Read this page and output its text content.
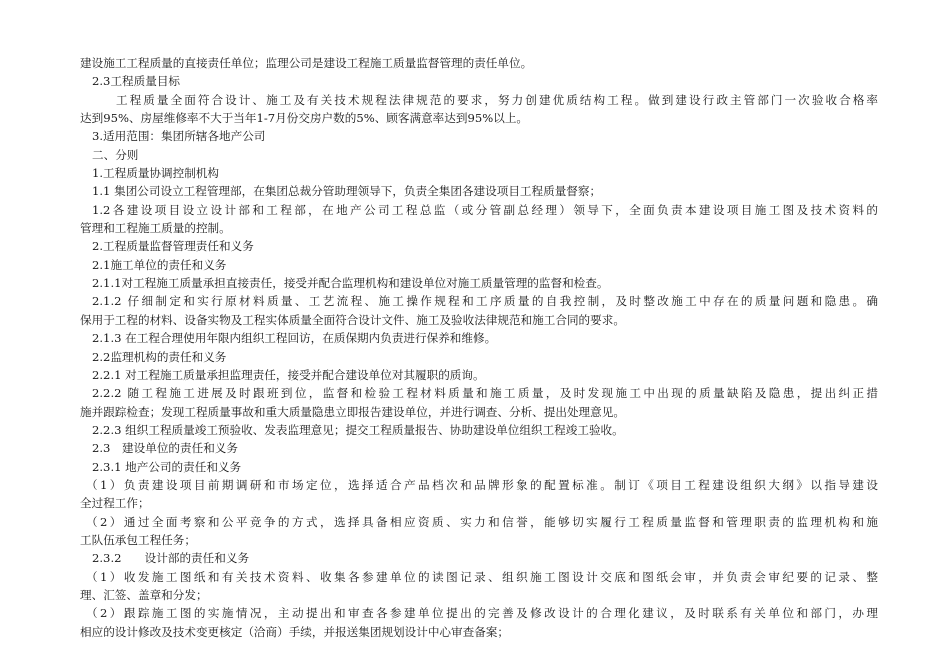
建设施工工程质量的直接责任单位；监理公司是建设工程施工质量监督管理的责任单位。

2.3工程质量目标

工程质量全面符合设计、施工及有关技术规程法律规范的要求，努力创建优质结构工程。做到建设行政主管部门一次验收合格率

达到95%、房屋维修率不大于当年1-7月份交房户数的5%、顾客满意率达到95%以上。

3.适用范围：集团所辖各地产公司

二、分则

1.工程质量协调控制机构

1.1 集团公司设立工程管理部，在集团总裁分管助理领导下，负责全集团各建设项目工程质量督察；

1.2各建设项目设立设计部和工程部，在地产公司工程总监（或分管副总经理）领导下，全面负责本建设项目施工图及技术资料的

管理和工程施工质量的控制。

2.工程质量监督管理责任和义务

2.1施工单位的责任和义务

2.1.1对工程施工质量承担直接责任，接受并配合监理机构和建设单位对施工质量管理的监督和检查。

2.1.2 仔细制定和实行原材料质量、工艺流程、施工操作规程和工序质量的自我控制，及时整改施工中存在的质量问题和隐患。确

保用于工程的材料、设备实物及工程实体质量全面符合设计文件、施工及验收法律规范和施工合同的要求。

2.1.3 在工程合理使用年限内组织工程回访，在质保期内负责进行保养和维修。

2.2监理机构的责任和义务

2.2.1 对工程施工质量承担监理责任，接受并配合建设单位对其履职的质询。

2.2.2 随工程施工进展及时跟班到位，监督和检验工程材料质量和施工质量，及时发现施工中出现的质量缺陷及隐患，提出纠正措

施并跟踪检查；发现工程质量事故和重大质量隐患立即报告建设单位，并进行调查、分析、提出处理意见。

2.2.3 组织工程质量竣工预验收、发表监理意见；提交工程质量报告、协助建设单位组织工程竣工验收。

2.3　建设单位的责任和义务

2.3.1 地产公司的责任和义务

（1）负责建设项目前期调研和市场定位，选择适合产品档次和品牌形象的配置标准。制订《项目工程建设组织大纲》以指导建设

全过程工作；

（2）通过全面考察和公平竞争的方式，选择具备相应资质、实力和信誉，能够切实履行工程质量监督和管理职责的监理机构和施

工队伍承包工程任务；

2.3.2　　设计部的责任和义务

（1）收发施工图纸和有关技术资料、收集各参建单位的读图记录、组织施工图设计交底和图纸会审，并负责会审纪要的记录、整

理、汇签、盖章和分发；

（2）跟踪施工图的实施情况，主动提出和审查各参建单位提出的完善及修改设计的合理化建议，及时联系有关单位和部门，办理

相应的设计修改及技术变更核定（洽商）手续，并报送集团规划设计中心审查备案；
